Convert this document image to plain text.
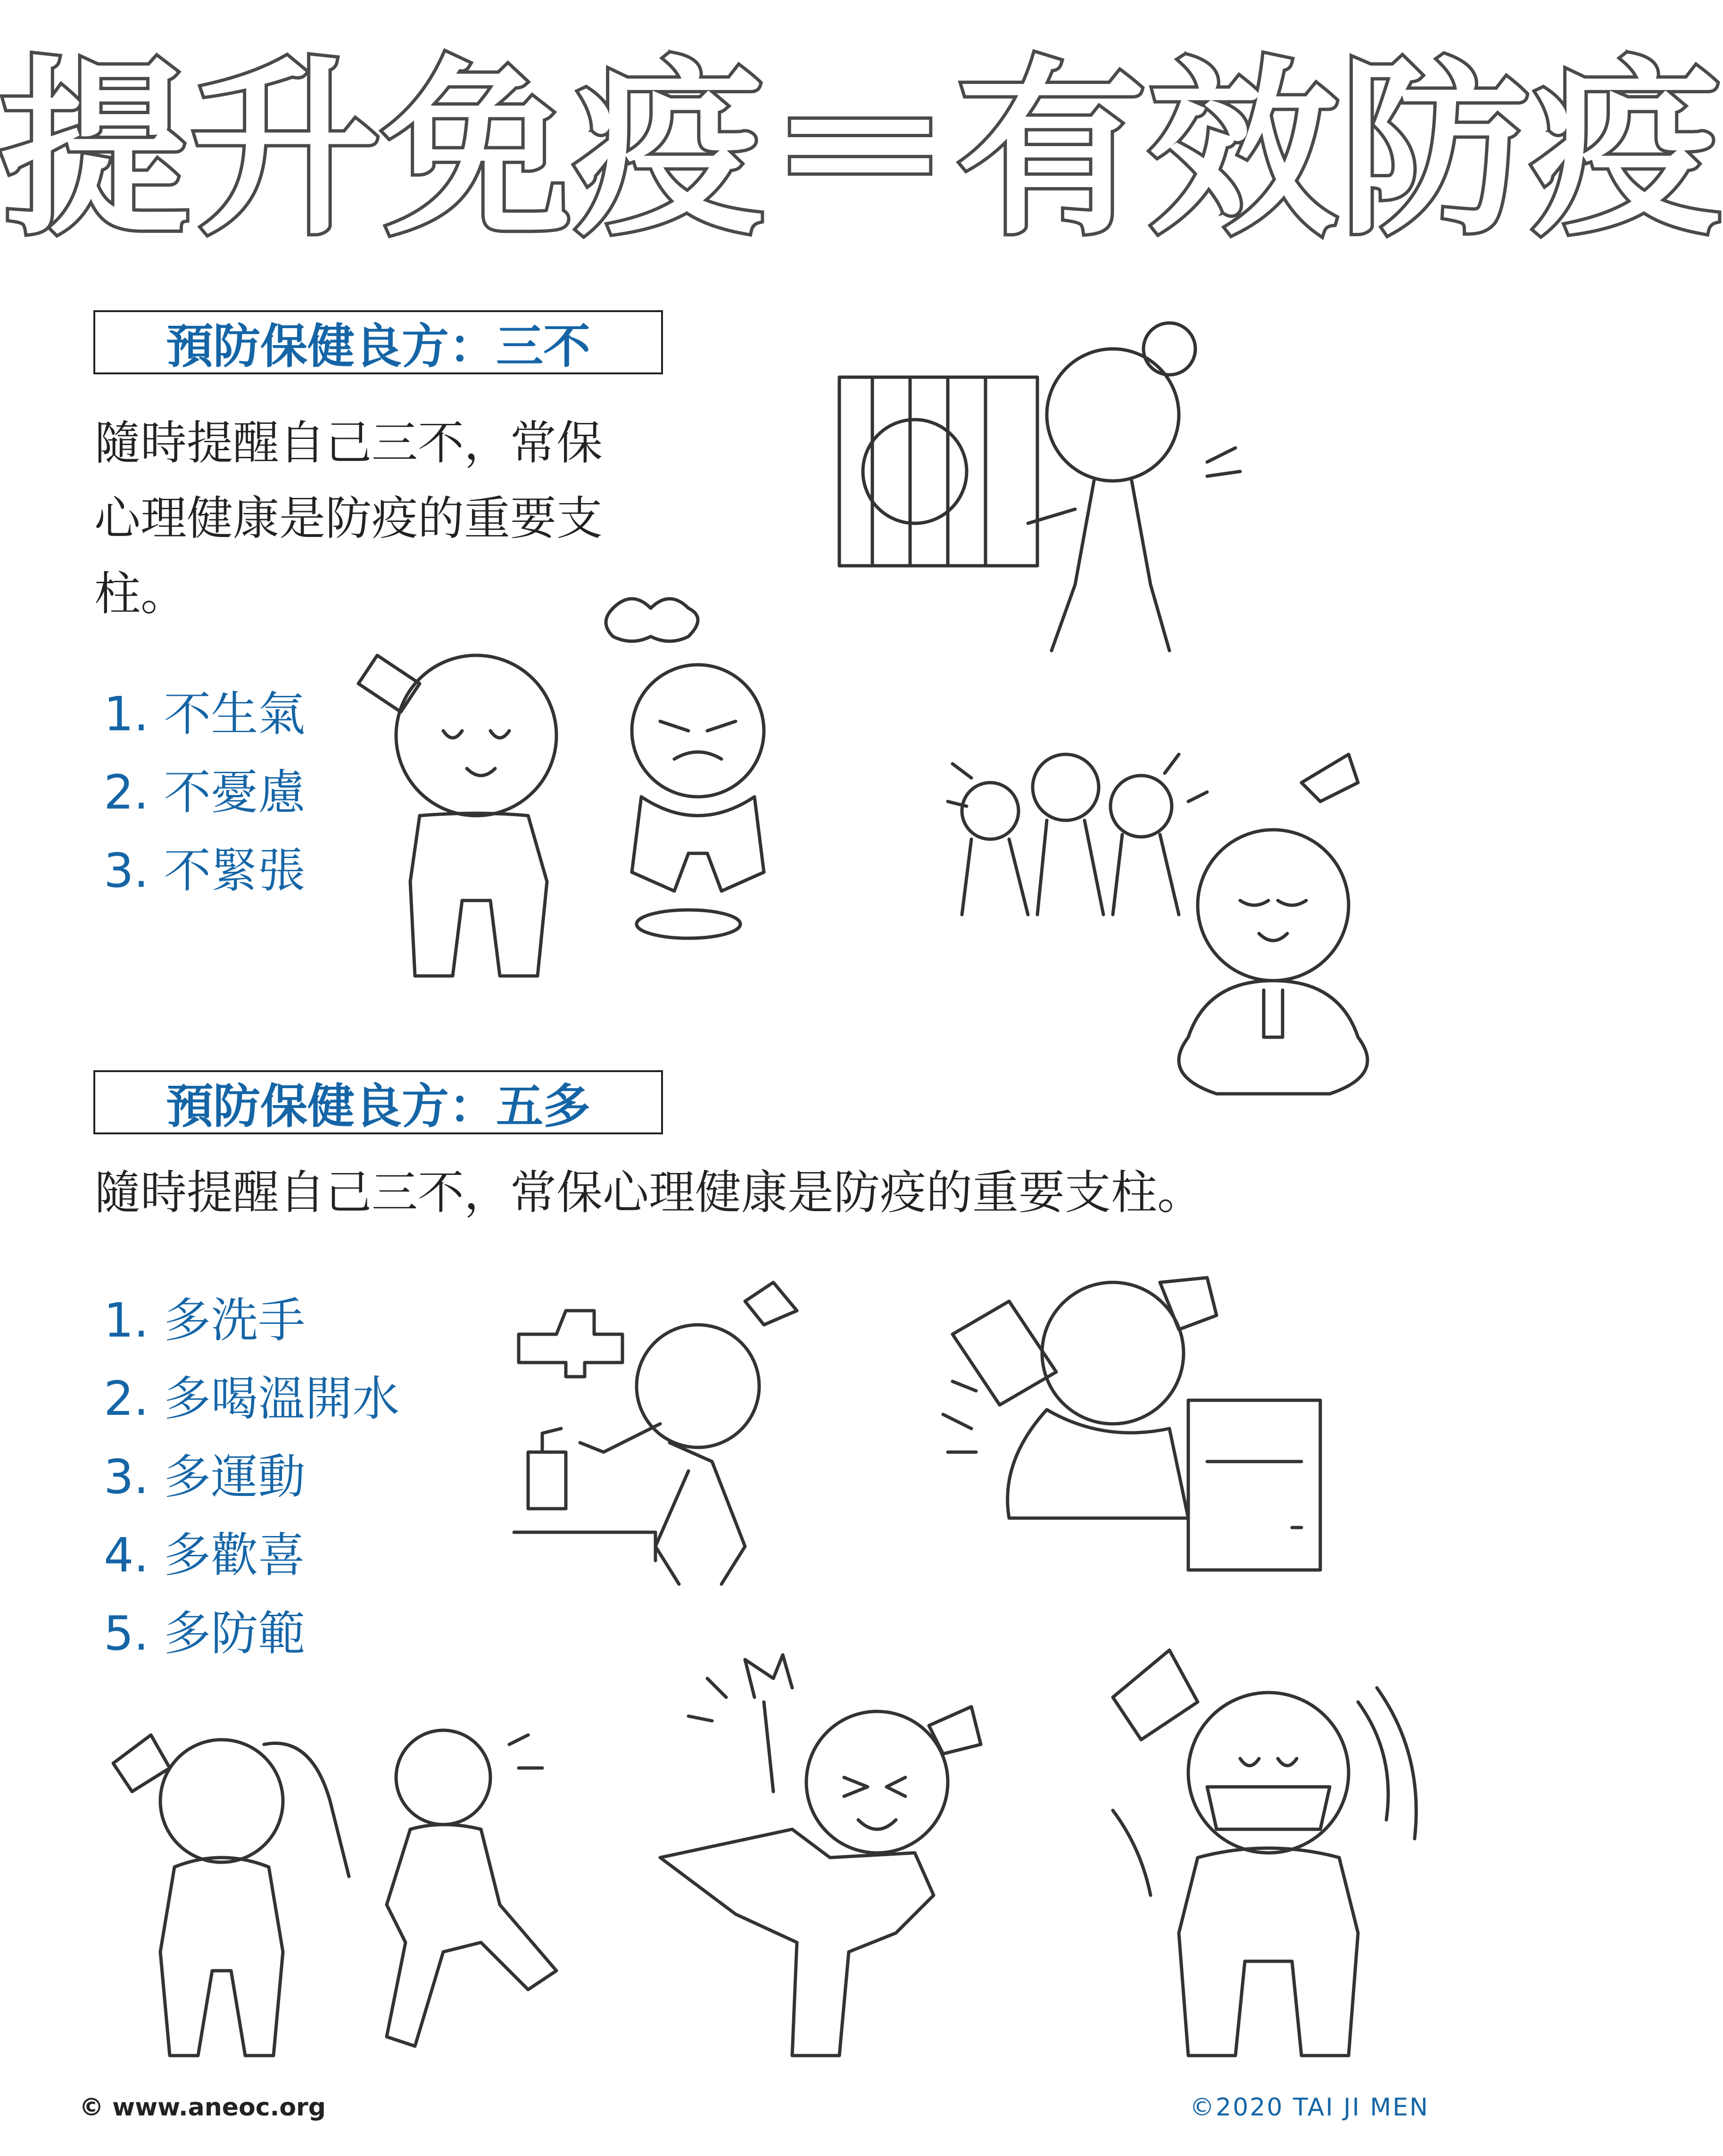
提升免疫＝有效防疫
預防保健良方：三不
隨時提醒自己三不，常保
心理健康是防疫的重要支
柱。
1. 不生氣
2. 不憂慮
3. 不緊張
預防保健良方：五多
隨時提醒自己三不，常保心理健康是防疫的重要支柱。
1. 多洗手
2. 多喝溫開水
3. 多運動
4. 多歡喜
5. 多防範
© www.aneoc.org	©2020 TAI JI MEN
